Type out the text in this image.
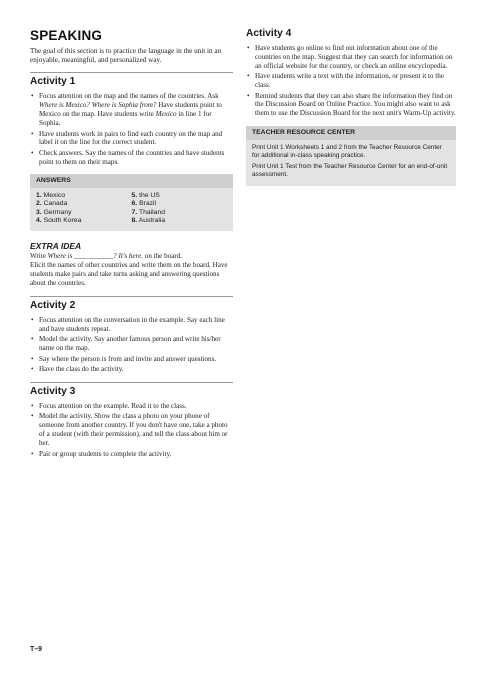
SPEAKING

The goal of this section is to practice the language in the unit in an enjoyable, meaningful, and personalized way.

Activity 1
• Focus attention on the map and the names of the countries. Ask Where is Mexico? Where is Sophia from? Have students point to Mexico on the map. Have students write Mexico in line 1 for Sophia.
• Have students work in pairs to find each country on the map and label it on the line for the correct student.
• Check answers. Say the names of the countries and have students point to them on their maps.
ANSWERS
1. Mexico	5. the US
2. Canada	6. Brazil
3. Germany	7. Thailand
4. South Korea	8. Australia
EXTRA IDEA

Write Where is ___________? It's here. on the board.
Elicit the names of other countries and write them on the board. Have students make pairs and take turns asking and answering questions about the countries.

Activity 2
• Focus attention on the conversation in the example. Say each line and have students repeat.
• Model the activity. Say another famous person and write his/her name on the map.
• Say where the person is from and invite and answer questions.
• Have the class do the activity.
Activity 3
• Focus attention on the example. Read it to the class.
• Model the activity. Show the class a photo on your phone of someone from another country. If you don't have one, take a photo of a student (with their permission), and tell the class about him or her.
• Pair or group students to complete the activity.
Activity 4
• Have students go online to find out information about one of the countries on the map. Suggest that they can search for information on an official website for the country, or check an online encyclopedia.
• Have students write a text with the information, or present it to the class.
• Remind students that they can also share the information they find on the Discussion Board on Online Practice. You might also want to ask them to use the Discussion Board for the next unit's Warm-Up activity.
TEACHER RESOURCE CENTER

Print Unit 1 Worksheets 1 and 2 from the Teacher Resource Center for additional in-class speaking practice.

Print Unit 1 Test from the Teacher Resource Center for an end-of-unit assessment.

T–9
